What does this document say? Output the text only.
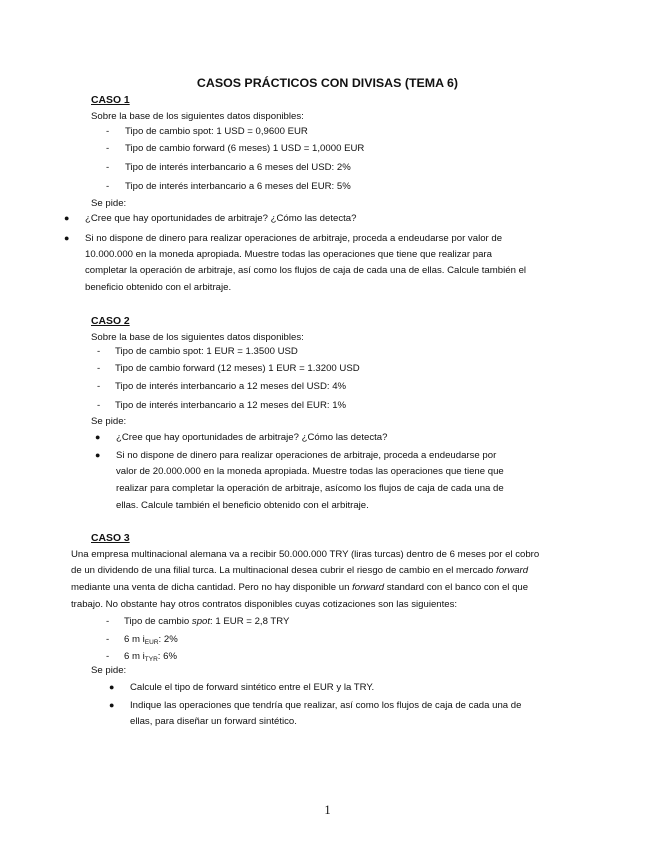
CASOS PRÁCTICOS CON DIVISAS (TEMA 6)
CASO 1
Sobre la base de los siguientes datos disponibles:
- Tipo de cambio spot: 1 USD = 0,9600 EUR
- Tipo de cambio forward (6 meses) 1 USD = 1,0000 EUR
- Tipo de interés interbancario a 6 meses del USD: 2%
- Tipo de interés interbancario a 6 meses del EUR: 5%
Se pide:
● ¿Cree que hay oportunidades de arbitraje? ¿Cómo las detecta?
● Si no dispone de dinero para realizar operaciones de arbitraje, proceda a endeudarse por valor de
10.000.000 en la moneda apropiada. Muestre todas las operaciones que tiene que realizar para
completar la operación de arbitraje, así como los flujos de caja de cada una de ellas. Calcule también el
beneficio obtenido con el arbitraje.
CASO 2
Sobre la base de los siguientes datos disponibles:
- Tipo de cambio spot: 1 EUR = 1.3500 USD
- Tipo de cambio forward (12 meses) 1 EUR = 1.3200 USD
- Tipo de interés interbancario a 12 meses del USD: 4%
- Tipo de interés interbancario a 12 meses del EUR: 1%
Se pide:
● ¿Cree que hay oportunidades de arbitraje? ¿Cómo las detecta?
● Si no dispone de dinero para realizar operaciones de arbitraje, proceda a endeudarse por
valor de 20.000.000 en la moneda apropiada. Muestre todas las operaciones que tiene que
realizar para completar la operación de arbitraje, asícomo los flujos de caja de cada una de
ellas. Calcule también el beneficio obtenido con el arbitraje.
CASO 3
Una empresa multinacional alemana va a recibir 50.000.000 TRY (liras turcas) dentro de 6 meses por el cobro
de un dividendo de una filial turca. La multinacional desea cubrir el riesgo de cambio en el mercado forward
mediante una venta de dicha cantidad. Pero no hay disponible un forward standard con el banco con el que
trabajo. No obstante hay otros contratos disponibles cuyas cotizaciones son las siguientes:
- Tipo de cambio spot: 1 EUR = 2,8 TRY
- 6 m $i_{EUR}$: 2%
- 6 m $i_{TYR}$: 6%
Se pide:
● Calcule el tipo de forward sintético entre el EUR y la TRY.
● Indique las operaciones que tendría que realizar, así como los flujos de caja de cada una de
ellas, para diseñar un forward sintético.
1
